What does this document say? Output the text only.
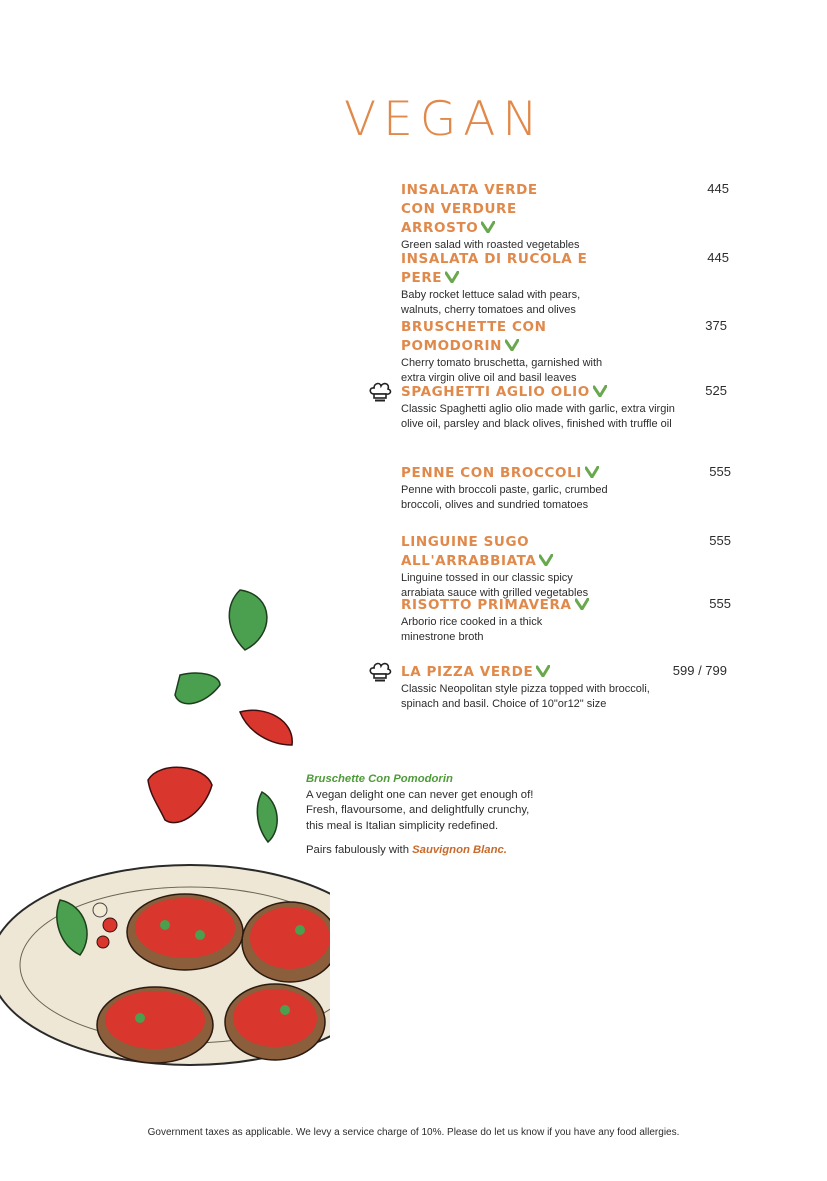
VEGAN
INSALATA VERDE CON VERDURE ARROSTO
Green salad with roasted vegetables
445
INSALATA DI RUCOLA E PERE
Baby rocket lettuce salad with pears, walnuts, cherry tomatoes and olives
445
BRUSCHETTE CON POMODORIN
Cherry tomato bruschetta, garnished with extra virgin olive oil and basil leaves
375
SPAGHETTI AGLIO OLIO
Classic Spaghetti aglio olio made with garlic, extra virgin olive oil, parsley and black olives, finished with truffle oil
525
PENNE CON BROCCOLI
Penne with broccoli paste, garlic, crumbed broccoli, olives and sundried tomatoes
555
LINGUINE SUGO ALL'ARRABBIATA
Linguine tossed in our classic spicy arrabiata sauce with grilled vegetables
555
RISOTTO PRIMAVERA
Arborio rice cooked in a thick minestrone broth
555
LA PIZZA VERDE
Classic Neopolitan style pizza topped with broccoli, spinach and basil. Choice of 10"or12" size
599 / 799
Bruschette Con Pomodorin
A vegan delight one can never get enough of! Fresh, flavoursome, and delightfully crunchy, this meal is Italian simplicity redefined.
Pairs fabulously with Sauvignon Blanc.
Government taxes as applicable. We levy a service charge of 10%. Please do let us know if you have any food allergies.
